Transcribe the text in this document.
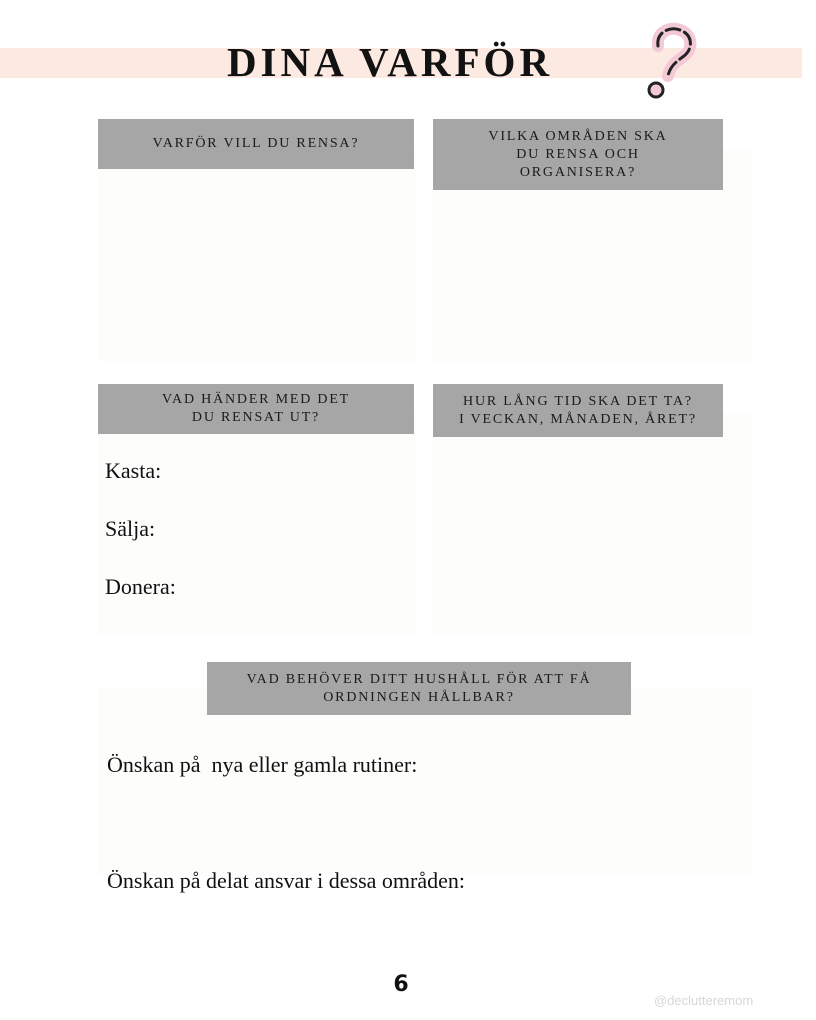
DINA VARFÖR
VARFÖR VILL DU RENSA?	VILKA OMRÅDEN SKA
DU RENSA OCH
ORGANISERA?
VAD HÄNDER MED DET
DU RENSAT UT?
Kasta:
Sälja:
Donera:
HUR LÅNG TID SKA DET TA?
I VECKAN, MÅNADEN, ÅRET?
VAD BEHÖVER DITT HUSHÅLL FÖR ATT FÅ
ORDNINGEN HÅLLBAR?
Önskan på  nya eller gamla rutiner:
Önskan på delat ansvar i dessa områden:
6
@declutteremom
